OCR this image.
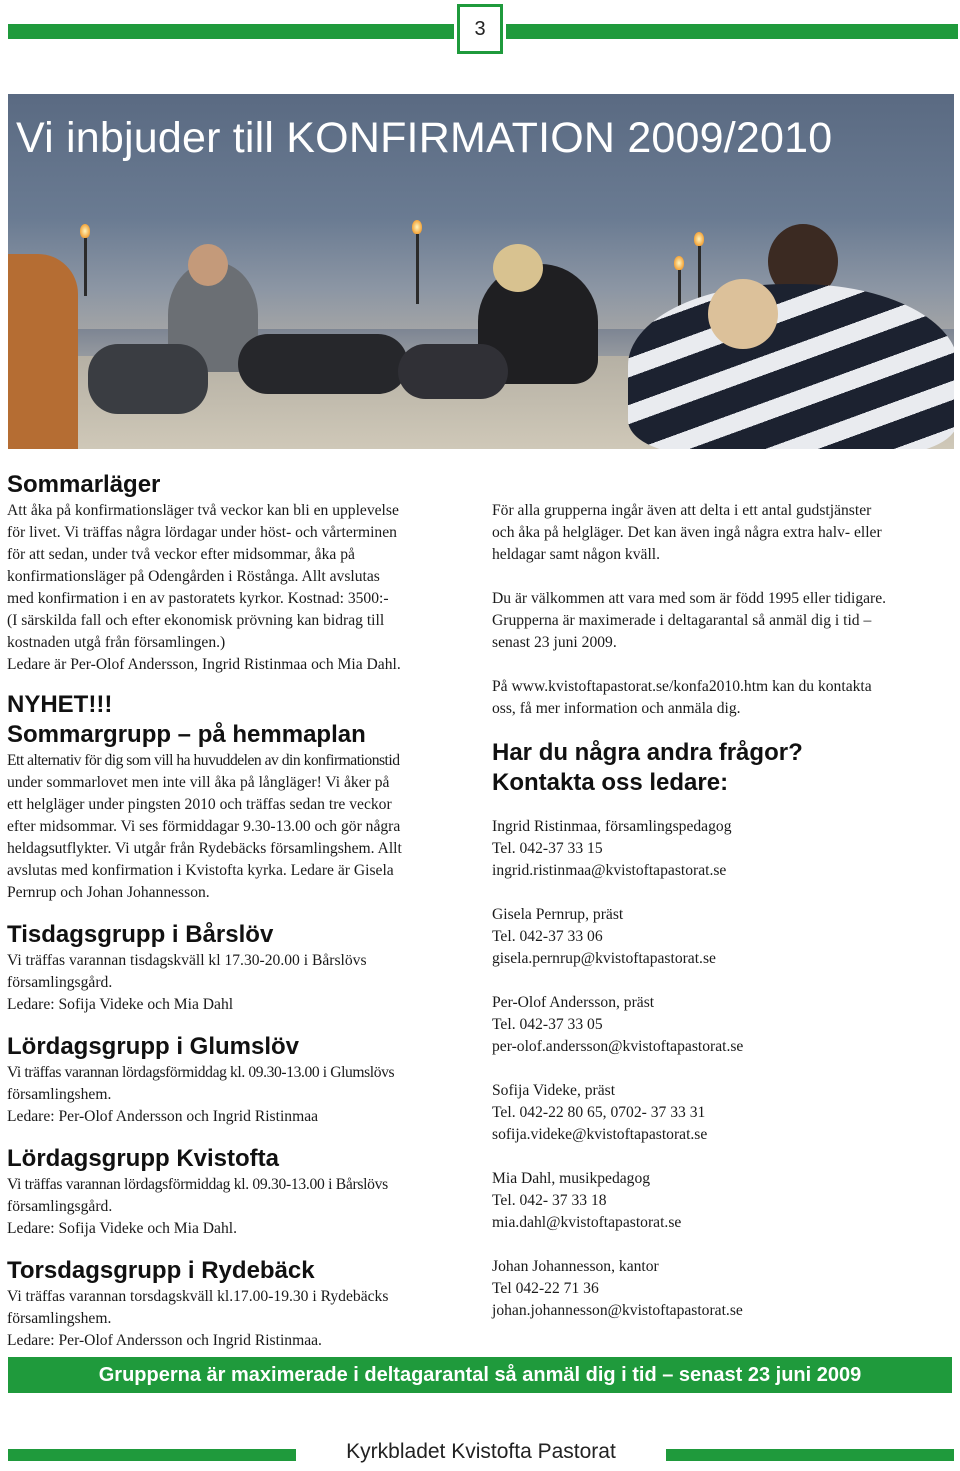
3
Vi inbjuder till KONFIRMATION 2009/2010
Sommarläger

Att åka på konfirmationsläger två veckor kan bli en upplevelse

för livet. Vi träffas några lördagar under höst- och vårterminen

för att sedan, under två veckor efter midsommar, åka på

konfirmationsläger på Odengården i Röstånga. Allt avslutas

med konfirmation i en av pastoratets kyrkor. Kostnad: 3500:-

(I särskilda fall och efter ekonomisk prövning kan bidrag till

kostnaden utgå från församlingen.)

Ledare är Per-Olof Andersson, Ingrid Ristinmaa och Mia Dahl.

NYHET!!!
Sommargrupp – på hemmaplan

Ett alternativ för dig som vill ha huvuddelen av din konfirmationstid

under sommarlovet men inte vill åka på långläger! Vi åker på

ett helgläger under pingsten 2010 och träffas sedan tre veckor

efter midsommar. Vi ses förmiddagar 9.30-13.00 och gör några

heldagsutflykter. Vi utgår från Rydebäcks församlingshem. Allt

avslutas med konfirmation i Kvistofta kyrka. Ledare är Gisela

Pernrup och Johan Johannesson.

Tisdagsgrupp i Bårslöv

Vi träffas varannan tisdagskväll kl 17.30-20.00 i Bårslövs

församlingsgård.

Ledare: Sofija Videke och Mia Dahl

Lördagsgrupp i Glumslöv

Vi träffas varannan lördagsförmiddag kl. 09.30-13.00 i Glumslövs

församlingshem.

Ledare: Per-Olof Andersson och Ingrid Ristinmaa

Lördagsgrupp Kvistofta

Vi träffas varannan lördagsförmiddag kl. 09.30-13.00 i Bårslövs

församlingsgård.

Ledare: Sofija Videke och Mia Dahl.

Torsdagsgrupp i Rydebäck

Vi träffas varannan torsdagskväll kl.17.00-19.30 i Rydebäcks

församlingshem.

Ledare: Per-Olof Andersson och Ingrid Ristinmaa.

För alla grupperna ingår även att delta i ett antal gudstjänster

och åka på helgläger. Det kan även ingå några extra halv- eller

heldagar samt någon kväll.

Du är välkommen att vara med som är född 1995 eller tidigare.

Grupperna är maximerade i deltagarantal så anmäl dig i tid –

senast 23 juni 2009.

På www.kvistoftapastorat.se/konfa2010.htm kan du kontakta

oss, få mer information och anmäla dig.

Har du några andra frågor?
Kontakta oss ledare:

Ingrid Ristinmaa, församlingspedagog

Tel. 042-37 33 15

ingrid.ristinmaa@kvistoftapastorat.se

Gisela Pernrup, präst

Tel. 042-37 33 06

gisela.pernrup@kvistoftapastorat.se

Per-Olof Andersson, präst

Tel. 042-37 33 05

per-olof.andersson@kvistoftapastorat.se

Sofija Videke, präst

Tel. 042-22 80 65, 0702- 37 33 31

sofija.videke@kvistoftapastorat.se

Mia Dahl, musikpedagog

Tel. 042- 37 33 18

mia.dahl@kvistoftapastorat.se

Johan Johannesson, kantor

Tel 042-22 71 36

johan.johannesson@kvistoftapastorat.se

Grupperna är maximerade i deltagarantal så anmäl dig i tid – senast 23 juni 2009
Kyrkbladet Kvistofta Pastorat
